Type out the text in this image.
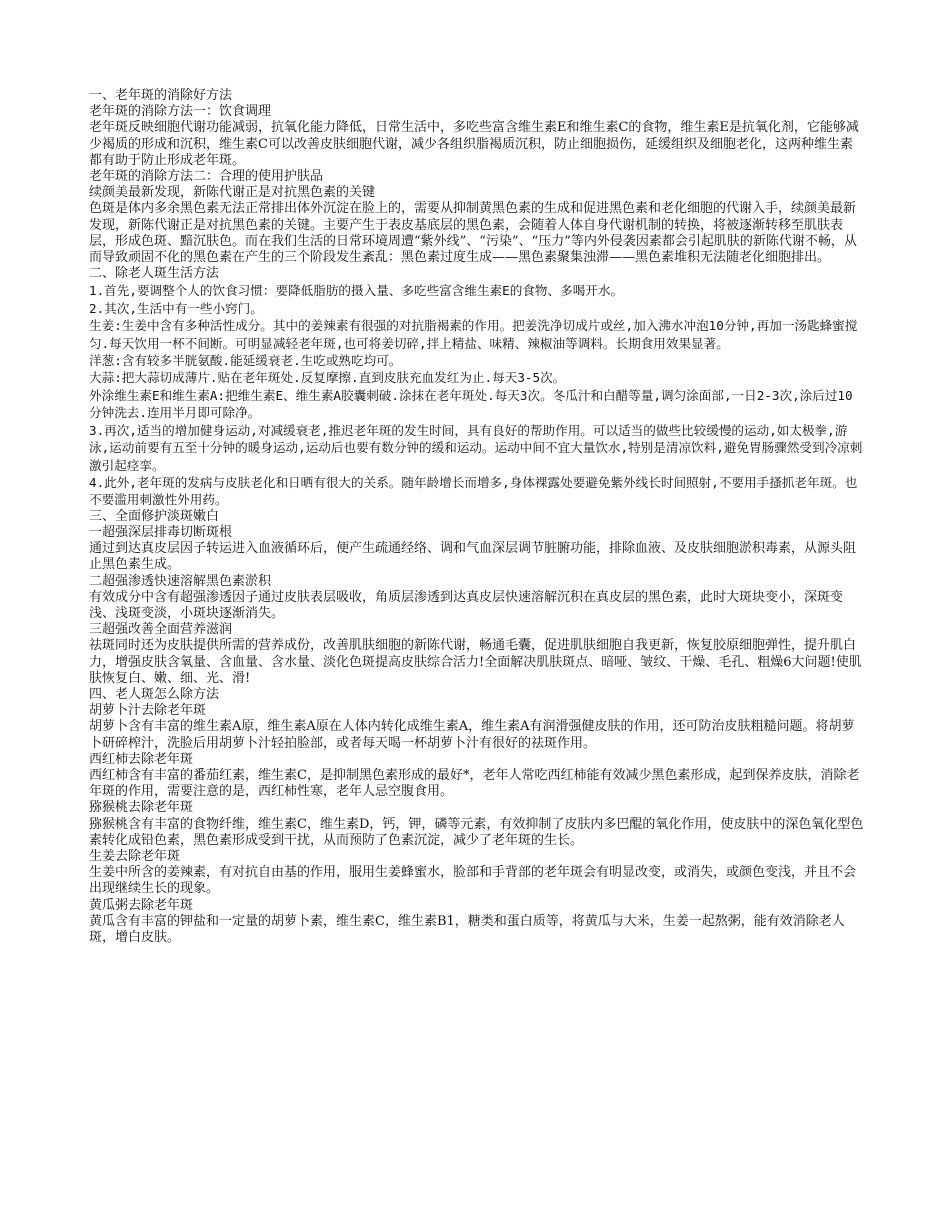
一、老年斑的消除好方法

老年斑的消除方法一：饮食调理

老年斑反映细胞代谢功能减弱，抗氧化能力降低，日常生活中，多吃些富含维生素E和维生素C的食物，维生素E是抗氧化剂，它能够减少褐质的形成和沉积，维生素C可以改善皮肤细胞代谢，减少各组织脂褐质沉积，防止细胞损伤，延缓组织及细胞老化，这两种维生素都有助于防止形成老年斑。

老年斑的消除方法二：合理的使用护肤品

续颜美最新发现，新陈代谢正是对抗黑色素的关键

色斑是体内多余黑色素无法正常排出体外沉淀在脸上的，需要从抑制黄黑色素的生成和促进黑色素和老化细胞的代谢入手，续颜美最新发现，新陈代谢正是对抗黑色素的关键。主要产生于表皮基底层的黑色素，会随着人体自身代谢机制的转换，将被逐渐转移至肌肤表层，形成色斑、黯沉肤色。而在我们生活的日常环境周遭“紫外线”、“污染”、“压力”等内外侵袭因素都会引起肌肤的新陈代谢不畅，从而导致顽固不化的黑色素在产生的三个阶段发生紊乱：黑色素过度生成——黑色素聚集浊滞——黑色素堆积无法随老化细胞排出。

二、除老人斑生活方法

1.首先,要调整个人的饮食习惯：要降低脂肪的摄入量、多吃些富含维生素E的食物、多喝开水。

2.其次,生活中有一些小窍门。

生姜:生姜中含有多种活性成分。其中的姜辣素有很强的对抗脂褐素的作用。把姜洗净切成片或丝,加入沸水冲泡10分钟,再加一汤匙蜂蜜搅匀.每天饮用一杯不间断。可明显减轻老年斑,也可将姜切碎,拌上精盐、味精、辣椒油等调料。长期食用效果显著。

洋葱:含有较多半胱氨酸.能延缓衰老.生吃或熟吃均可。

大蒜:把大蒜切成薄片.贴在老年斑处.反复摩擦.直到皮肤充血发红为止.每天3-5次。

外涂维生素E和维生素A:把维生素E、维生素A胶囊刺破.涂抹在老年斑处.每天3次。冬瓜汁和白醋等量,调匀涂面部,一日2-3次,涂后过10分钟洗去.连用半月即可除净。

3.再次,适当的增加健身运动,对减缓衰老,推迟老年斑的发生时间，具有良好的帮助作用。可以适当的做些比较缓慢的运动,如太极拳,游泳,运动前要有五至十分钟的暖身运动,运动后也要有数分钟的缓和运动。运动中间不宜大量饮水,特别是清凉饮料,避免胃肠骤然受到冷凉刺激引起痉挛。

4.此外,老年斑的发病与皮肤老化和日晒有很大的关系。随年龄增长而增多,身体裸露处要避免紫外线长时间照射,不要用手搔抓老年斑。也不要滥用刺激性外用药。

三、全面修护淡斑嫩白

一超强深层排毒切断斑根

通过到达真皮层因子转运进入血液循环后，便产生疏通经络、调和气血深层调节脏腑功能，排除血液、及皮肤细胞淤积毒素，从源头阻止黑色素生成。

二超强渗透快速溶解黑色素淤积

有效成分中含有超强渗透因子通过皮肤表层吸收，角质层渗透到达真皮层快速溶解沉积在真皮层的黑色素，此时大斑块变小，深斑变浅、浅斑变淡，小斑块逐渐消失。

三超强改善全面营养滋润

祛斑同时还为皮肤提供所需的营养成份，改善肌肤细胞的新陈代谢，畅通毛囊，促进肌肤细胞自我更新，恢复胶原细胞弹性，提升肌白力，增强皮肤含氧量、含血量、含水量、淡化色斑提高皮肤综合活力!全面解决肌肤斑点、暗哑、皱纹、干燥、毛孔、粗燥6大问题!使肌肤恢复白、嫩、细、光、滑!

四、老人斑怎么除方法

胡萝卜汁去除老年斑

胡萝卜含有丰富的维生素A原，维生素A原在人体内转化成维生素A，维生素A有润滑强健皮肤的作用，还可防治皮肤粗糙问题。将胡萝卜研碎榨汁，洗脸后用胡萝卜汁轻拍脸部，或者每天喝一杯胡萝卜汁有很好的祛斑作用。

西红柿去除老年斑

西红柿含有丰富的番茄红素，维生素C，是抑制黑色素形成的最好*，老年人常吃西红柿能有效减少黑色素形成，起到保养皮肤，消除老年斑的作用，需要注意的是，西红柿性寒，老年人忌空腹食用。

猕猴桃去除老年斑

猕猴桃含有丰富的食物纤维，维生素C，维生素D，钙，钾，磷等元素，有效抑制了皮肤内多巴醌的氧化作用，使皮肤中的深色氧化型色素转化成铅色素，黑色素形成受到干扰，从而预防了色素沉淀，减少了老年斑的生长。

生姜去除老年斑

生姜中所含的姜辣素，有对抗自由基的作用，服用生姜蜂蜜水，脸部和手背部的老年斑会有明显改变，或消失，或颜色变浅，并且不会出现继续生长的现象。

黄瓜粥去除老年斑

黄瓜含有丰富的钾盐和一定量的胡萝卜素，维生素C，维生素B1，糖类和蛋白质等，将黄瓜与大米，生姜一起熬粥，能有效消除老人斑，增白皮肤。
